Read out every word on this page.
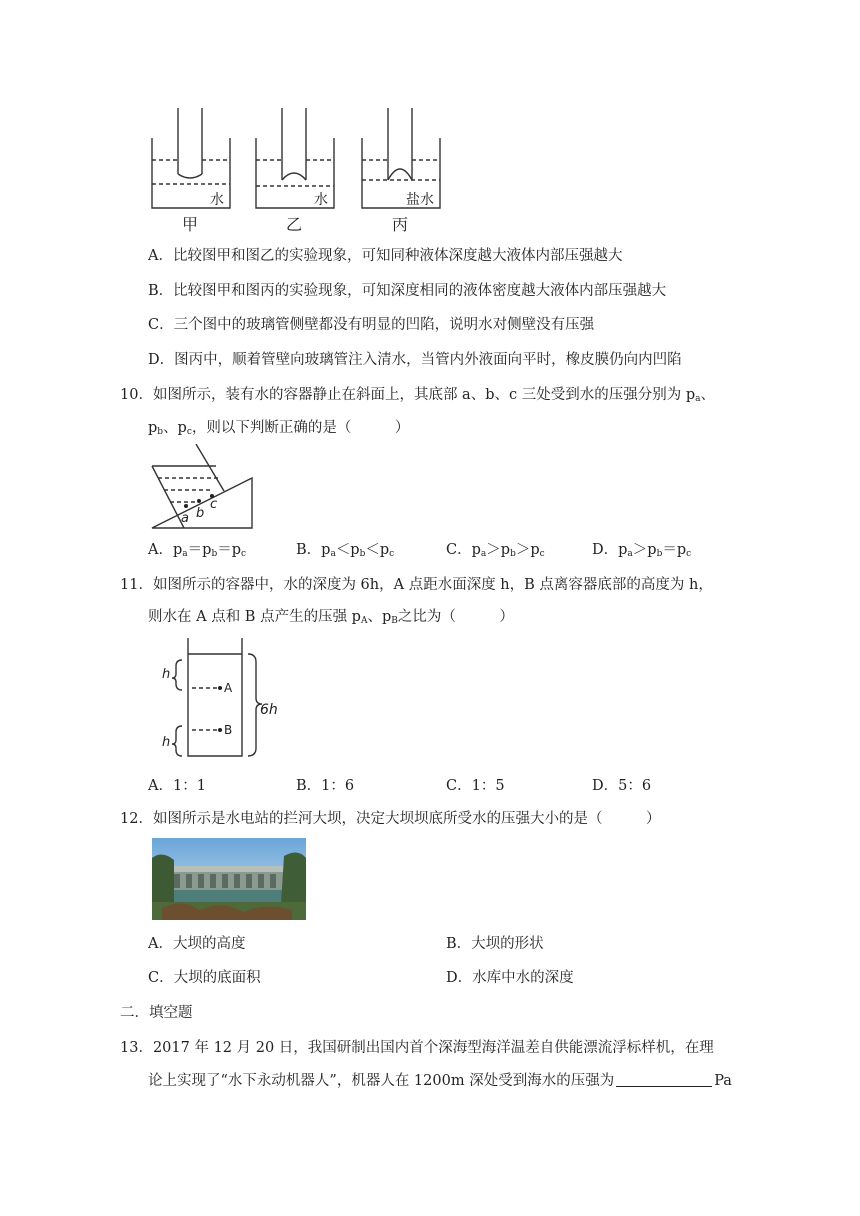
水	水	盐水
甲	乙	丙
A．比较图甲和图乙的实验现象，可知同种液体深度越大液体内部压强越大
B．比较图甲和图丙的实验现象，可知深度相同的液体密度越大液体内部压强越大
C．三个图中的玻璃管侧壁都没有明显的凹陷，说明水对侧壁没有压强
D．图丙中，顺着管壁向玻璃管注入清水，当管内外液面向平时，橡皮膜仍向内凹陷
10．如图所示，装有水的容器静止在斜面上，其底部 a、b、c 三处受到水的压强分别为 $p_a$、
$p_b$、$p_c$，则以下判断正确的是（　　　）
a b
c
A．$p_a=p_b=p_c$	B．$p_a<p_b<p_c$	C．$p_a>p_b>p_c$	D．$p_a>p_b=p_c$
11．如图所示的容器中，水的深度为 6h，A 点距水面深度 h，B 点离容器底部的高度为 h，
则水在 A 点和 B 点产生的压强 $p_A$、$p_B$之比为（　　　）
h
h
6h
A
B
A．1：1	B．1：6	C．1：5	D．5：6
12．如图所示是水电站的拦河大坝，决定大坝坝底所受水的压强大小的是（　　　）
A．大坝的高度	B．大坝的形状
C．大坝的底面积	D．水库中水的深度
二．填空题
13．2017 年 12 月 20 日，我国研制出国内首个深海型海洋温差自供能漂流浮标样机，在理
论上实现了“水下永动机器人”，机器人在 1200m 深处受到海水的压强为	Pa
